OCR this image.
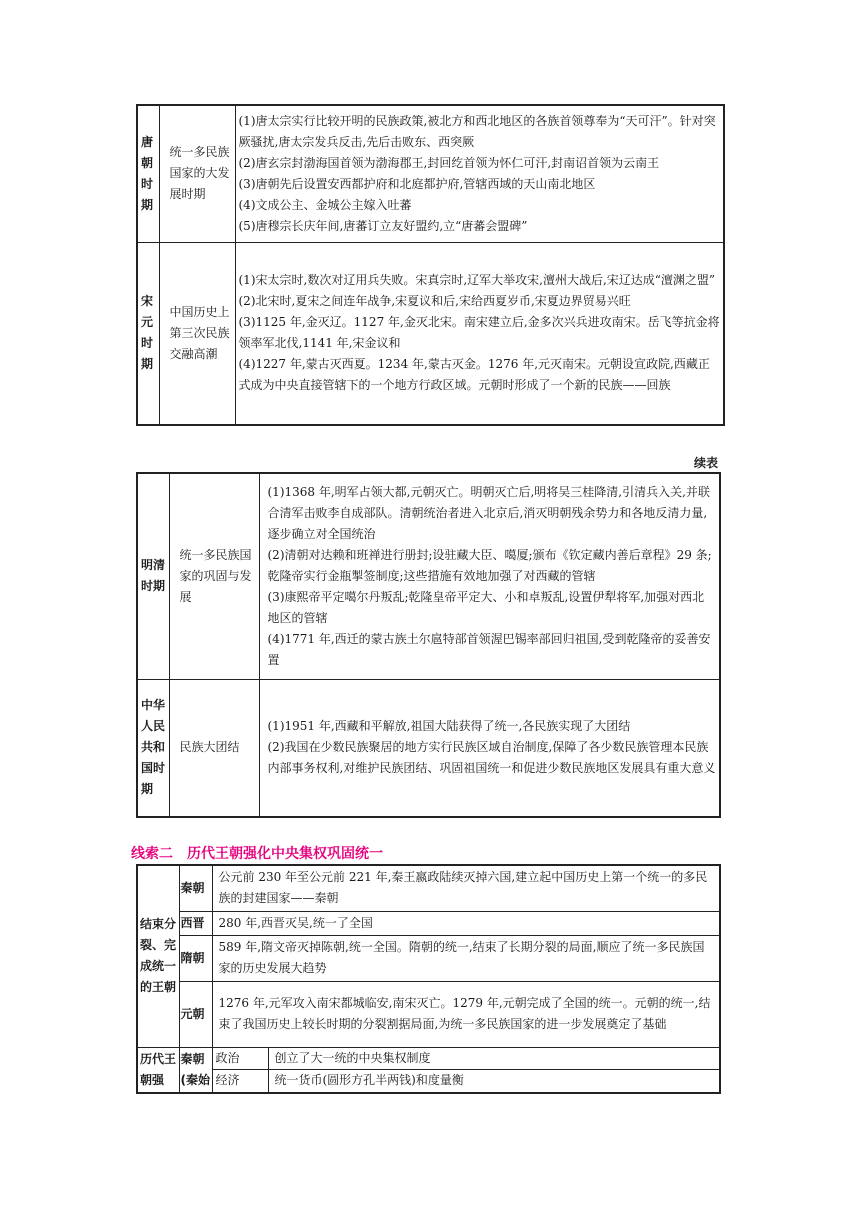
唐朝时期	统一多民族国家的大发展时期	(1)唐太宗实行比较开明的民族政策,被北方和西北地区的各族首领尊奉为“天可汗”。针对突厥骚扰,唐太宗发兵反击,先后击败东、西突厥
(2)唐玄宗封渤海国首领为渤海郡王,封回纥首领为怀仁可汗,封南诏首领为云南王
(3)唐朝先后设置安西都护府和北庭都护府,管辖西域的天山南北地区
(4)文成公主、金城公主嫁入吐蕃
(5)唐穆宗长庆年间,唐蕃订立友好盟约,立“唐蕃会盟碑”

宋元时期	中国历史上第三次民族交融高潮	(1)宋太宗时,数次对辽用兵失败。宋真宗时,辽军大举攻宋,澶州大战后,宋辽达成“澶渊之盟”
(2)北宋时,夏宋之间连年战争,宋夏议和后,宋给西夏岁币,宋夏边界贸易兴旺
(3)1125 年,金灭辽。1127 年,金灭北宋。南宋建立后,金多次兴兵进攻南宋。岳飞等抗金将领率军北伐,1141 年,宋金议和
(4)1227 年,蒙古灭西夏。1234 年,蒙古灭金。1276 年,元灭南宋。元朝设宣政院,西藏正式成为中央直接管辖下的一个地方行政区域。元朝时形成了一个新的民族——回族
续表
明清时期	统一多民族国家的巩固与发展	(1)1368 年,明军占领大都,元朝灭亡。明朝灭亡后,明将吴三桂降清,引清兵入关,并联合清军击败李自成部队。清朝统治者进入北京后,消灭明朝残余势力和各地反清力量,逐步确立对全国统治
(2)清朝对达赖和班禅进行册封;设驻藏大臣、噶厦;颁布《钦定藏内善后章程》29 条;乾隆帝实行金瓶掣签制度;这些措施有效地加强了对西藏的管辖
(3)康熙帝平定噶尔丹叛乱;乾隆皇帝平定大、小和卓叛乱,设置伊犁将军,加强对西北地区的管辖
(4)1771 年,西迁的蒙古族土尔扈特部首领渥巴锡率部回归祖国,受到乾隆帝的妥善安置

中华人民共和国时期	民族大团结	(1)1951 年,西藏和平解放,祖国大陆获得了统一,各民族实现了大团结
(2)我国在少数民族聚居的地方实行民族区域自治制度,保障了各少数民族管理本民族内部事务权利,对维护民族团结、巩固祖国统一和促进少数民族地区发展具有重大意义
线索二　历代王朝强化中央集权巩固统一
结束分裂、完成统一的王朝	秦朝	公元前 230 年至公元前 221 年,秦王嬴政陆续灭掉六国,建立起中国历史上第一个统一的多民族的封建国家——秦朝	
	西晋	280 年,西晋灭吴,统一了全国	
	隋朝	589 年,隋文帝灭掉陈朝,统一全国。隋朝的统一,结束了长期分裂的局面,顺应了统一多民族国家的历史发展大趋势	
	元朝	1276 年,元军攻入南宋都城临安,南宋灭亡。1279 年,元朝完成了全国的统一。元朝的统一,结束了我国历史上较长时期的分裂割据局面,为统一多民族国家的进一步发展奠定了基础	
历代王朝强	秦朝(秦始	政治	创立了大一统的中央集权制度
		经济	统一货币(圆形方孔半两钱)和度量衡
